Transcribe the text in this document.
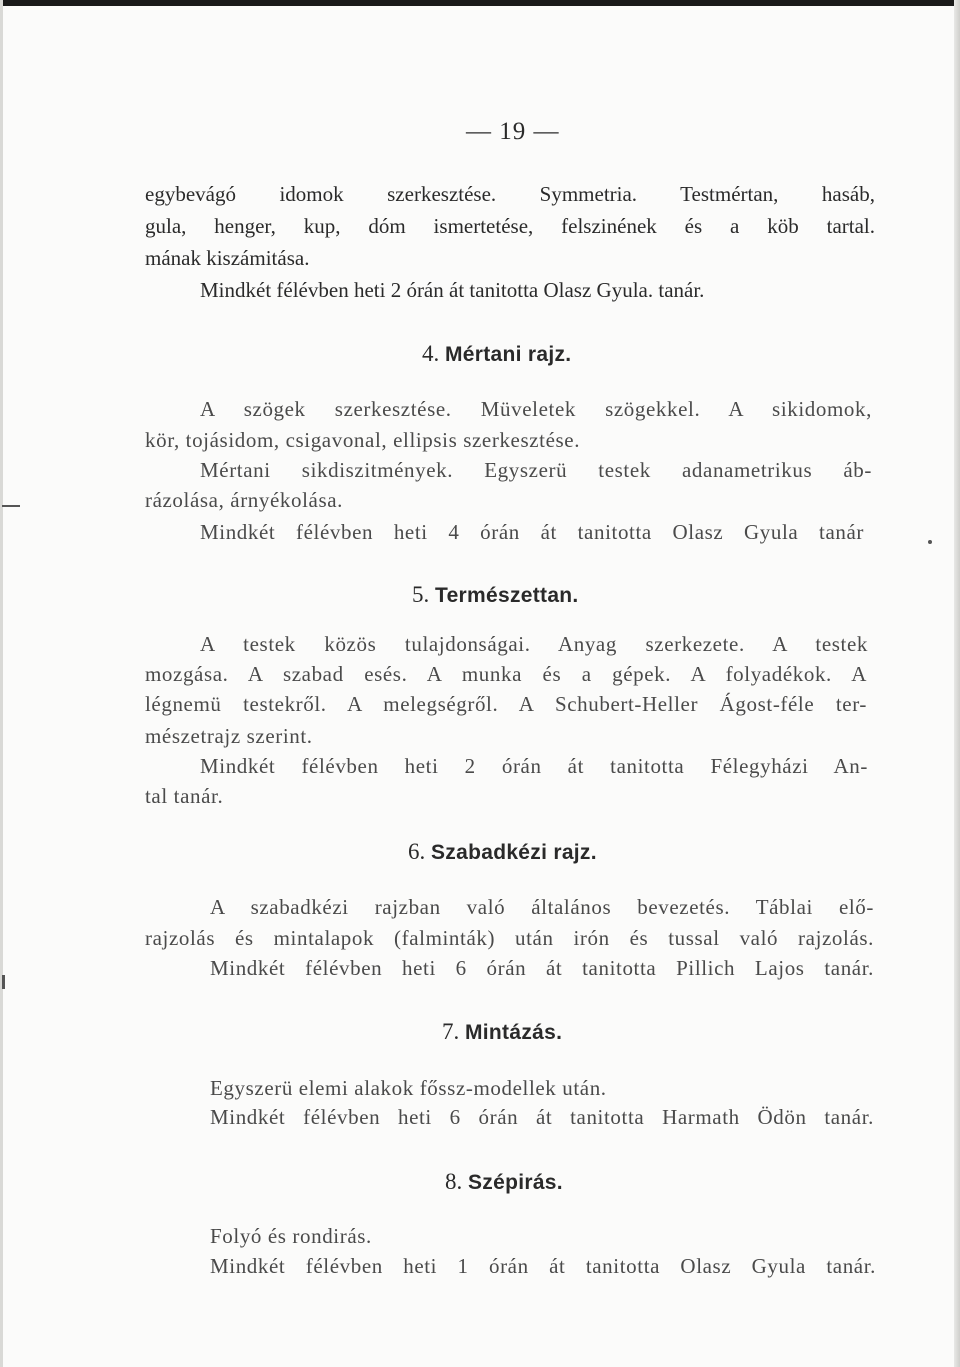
— 19 —
egybevágó idomok szerkesztése. Symmetria. Testmértan, hasáb,
gula, henger, kup, dóm ismertetése, felszinének és a köb tartal.
mának kiszámitása.
Mindkét félévben heti 2 órán át tanitotta Olasz Gyula. tanár.
4. Mértani rajz.
A szögek szerkesztése. Müveletek szögekkel. A sikidomok,
kör, tojásidom, csigavonal, ellipsis szerkesztése.
Mértani sikdiszitmények. Egyszerü testek adanametrikus áb-
rázolása, árnyékolása.
Mindkét félévben heti 4 órán át tanitotta Olasz Gyula tanár
5. Természettan.
A testek közös tulajdonságai. Anyag szerkezete. A testek
mozgása. A szabad esés. A munka és a gépek. A folyadékok. A
légnemü testekről. A melegségről. A Schubert-Heller Ágost-féle ter-
mészetrajz szerint.
Mindkét félévben heti 2 órán át tanitotta Félegyházi An-
tal tanár.
6. Szabadkézi rajz.
A szabadkézi rajzban való általános bevezetés. Táblai elő-
rajzolás és mintalapok (falminták) után irón és tussal való rajzolás.
Mindkét félévben heti 6 órán át tanitotta Pillich Lajos tanár.
7. Mintázás.
Egyszerü elemi alakok főssz-modellek után.
Mindkét félévben heti 6 órán át tanitotta Harmath Ödön tanár.
8. Szépirás.
Folyó és rondirás.
Mindkét félévben heti 1 órán át tanitotta Olasz Gyula tanár.
